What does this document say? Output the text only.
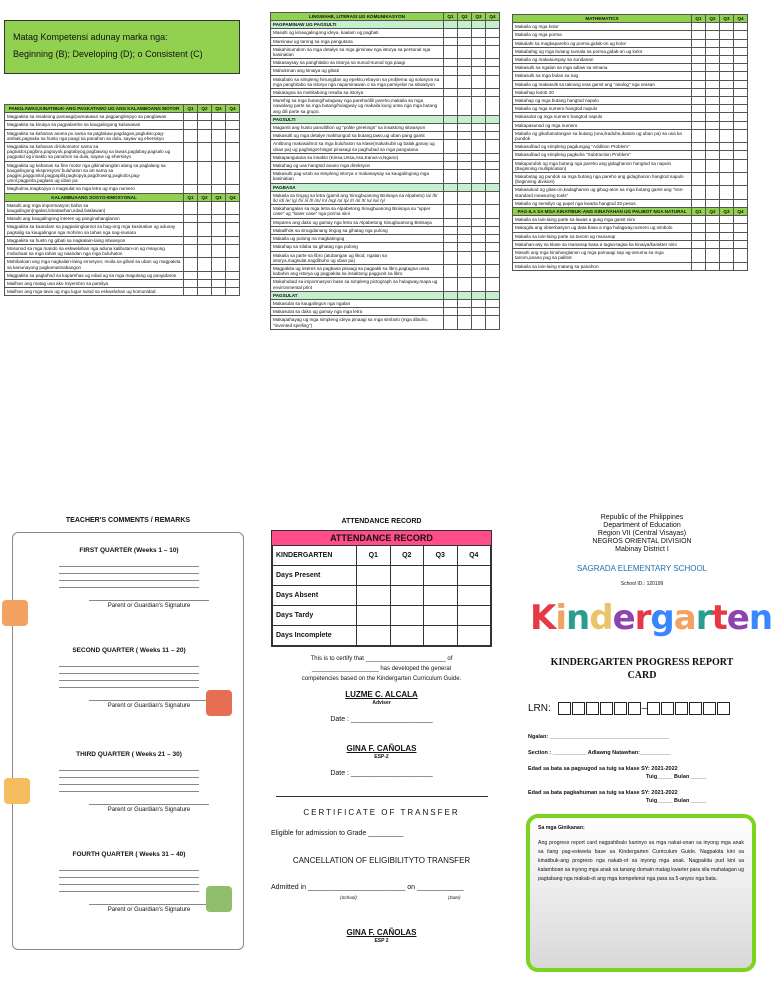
Matag Kompetensi adunay marka nga:
Beginning (B); Developing (D); o Consistent (C)
PANGLAWAS,KINATIBUK-ANG PAGKATAWO UG ANG KALAMBOANG MOTOR	Q1	Q2	Q3	Q4
Magpakita sa insaktong pamaagi/pamatasan sa pagpanglimpyo sa panglawas				
Magpakita sa kinaiya sa pagpalambo sa kaugalingong kaluwasan				
Magpakita sa kahanas anana pu sama sa paglakaw,pagdagan,paglukso,pag-ambak,pagsaka sa husto nga paagi sa panahon sa dula, sayaw ug ehersisyo				
Magpakita sa kahanas di-lokomotor sama sa pagtuldot,pagbira,pagtuyok,pagtabyog,pagbawog sa lawas,paglabay,pagsalo ug pagpatid og insakto sa panahon sa dula, sayaw ug ehersisyo				
Magpakita ug kahanas sa fine motor nga gikinahanglan alang sa paglalang sa kaugalingong ekspresyon/ buluhaton sa art sama sa paggisi,paggunitol,pagpapilit,pagkopya,pagdrowing,pagkolor,pag-umol,pagpinta,paglaso ug uban pa				
Maghulma,magkopya o magsulat sa mga letra ug mga numero				
KALAMBUAANG SOSYO-EMOSYONAL	Q1	Q2	Q3	Q4
Masulti ang mga impormasyon bahin sa kaugalingon(ngalan,kinatawhan,edad,baklawan)				
Masulti ang kaugalingong interes ug panginahanglanon				
Magpakita sa kaandam sa pagpaningkamot sa bag-ong mga kasinatian ug adunay pagsalig sa kaugalingon nga mohimo sa tahas nga nag-inusara				
Magpakita sa husto ng gibati sa nagkalain-laing sitwasyon				
Mosunod sa mga mando sa eskwelahan nga aduna kalibutan-on ug msayong mubuhaat sa mga tahas ug naandan nga mga buluhaton				
Mahibaloan ang mga nagkalain-laing emosyon, moila sa gibati sa uban ug magpakita sa kanunayong pagkamatinabangon				
Magpakita sa pagtahod sa kaparehas ug edad ug sa mga magulang ug pangidaron				
Mailhan ang matag usa ako miyembro sa pamilya				
Mailhan ang mga tawo ug mga lugar sulod sa eskwelahan ug komunidad.				
LINGWAHE, LITERASI UG KOMUNIKASYON	Q1	Q2	Q3	Q4
PAGPAMINAW UG PAGSULTI				
Masulti og kinaugalingong ideya, kaalam ug pagbati				
Maminaw ug tarong sa mga pangutana				
Makahinumdom sa mga detalye sa mga giminaw nga istorya sa personal nga kasinatian				
Makasaysay sa panghitabo sa istorya sa sunod-sunod nga paagi				
Mahukman ang kinaiya ug gibati				
Makabalo sa simpleng hinungdan ug epekto,rebayon sa problema ug solusyon sa mga panghitabo sa istorya nga napaminawan o sa mga pamiyelar na sitwasyon				
Makatagna sa mahitabong resulta sa istorya				
Mamihig sa mga butang/hulagway nga pareho/dili pareho,makaila sa mga nawalang parte sa mga butang/hulagway ug makaila kung unsa nga mga butang ang dili parte sa grupo.				
PAGSULTI				
Magamit ang husto panulithon ug "polite greetings" sa insaktong sitwasyon				
Makasulti ug mga detalye mahitungod sa butang,tawo,ug uban pang gamit				
Antibong makasalmot sa mga buluhaton sa klase(makahubit ug balak,ganay ug uban pa) ug paghisgot-hisgot pinasagi sa paghubad sa mga pangutana				
Makapangutana sa insakto (Kinsa,Unsa,Asa,Kanus-a,Ngano)				
Makahag og uas hangtod anano mga direksyon				
Makasulti pag-usob sa simpleng istorya o makasaysay sa kaugalingong mga kasinatian				
PAGBASA				
Makaila sa tingog sa letra (gamit ang Sinugbuanong Binisaya na Alpabeto) /a/ /b/ /k/ /d/ /e/ /g/ /h/ /i/ /l/ /m/ /n/ /ng/ /o/ /p/ /r/ /s/ /t/ /u/ /w/ /y/				
Makahangalan sa mga letra sa Alpabetong Sinugbuanong Binisaya sa "upper case" ug "lower case" nga porma niini				
Mopareo ang dako ug gamay nga letra sa Alpabetong Sinugbuanong Binisaya				
Makailhok sa sinugdanang tingog sa gihatag nga pulong				
Makaila ug pulong na magkatingog				
Makahap sa silaba sa gihatag nga pulong				
Makaila sa parte sa libro (atubangan ug likod, ngalan sa istorya,magsulat,nagdibuho ug uban pa)				
Magpakita ug interes sa pagbasa pinaagi sa pagpakli sa libro,pagtagna unsa kabahin ang istorya ug pagpakita sa insaktong paggunit sa libro				
Makahubad sa impormasyon base sa simpleng pictograph sa hulagway,mapa ug environmental print				
PAGSULAT				
Makasulat sa kaugalingon nga ngalan				
Makasulat sa dako ug gamay nga mga letra				
Makapahayag ug mga simpleng ideya pinaagi sa mga simbolo (mga dibuho, "invented spelling")				
MATHEMATICS	Q1	Q2	Q3	Q4
Makaila og mga kolor				
Makaila og mga porma				
Makalahi sa magkapareho og porma,gidak-on ug kolor				
Makabahig og mga butang sumala sa porma,gidak-on ug kolor				
Makaila og makasumpay sa sundanan				
Makasulti sa ngalan sa mga adlaw sa simana				
Makasulti sa mga bulan sa tuig				
Makaila ug makasulti sa takrang oras gamit ang "analog" nga orasan				
Makaihap kutob 20				
Makahap og mga butang hangtod napulo				
Makaila og mga numero hangtod napulo				
Makasulat og mga numero hangtod napulo				
Makapasunod og mga numero				
Makaila og gikahanutangan sa butang (una,ikaduha,ikatulo ug uban pa) sa usa ka pundok				
Makasulbad og simpleng pagdungag "Addition Problem"				
Makasulbad og simpleng pagkuha "Subtraction Problem"				
Makapundok og mga butang nga pareho ang gidaghanon hangtod sa napulo (Beginning multiplication)				
Makabulag og pundok sa mga butang nga pareho ang gidaghanon hangtod napulo (beginning division)				
Makasukod og gitas-on,kadaghanon ug gibug-aton sa mga butang gamit ang "non-standard measuring tools"				
Makaila og sensilyo ug papel nga kwarta hangtod 20 pesos.				
PAG-ILA SA MGA KINATIBUK-ANG KINAIYAHAN UG PALIBOT NGA NATURAL	Q1	Q2	Q3	Q4
Makaila sa lain-laing parte sa lawas u gung mga gamit niini				
Makagila ang obserbasyon ug data basa a mga hulagway,numero ug simbolo				
Makaila sa lain-laing parte sa tanom ug mananap				
Makahan-asy sa klase sa mananap basa a tagsa-tagsa ka kinaiya/karakter niini				
Masulti ang mga kinahanglanon ug mga pamaagi sap ag-amuma sa mga tanom,anana pug sa palibot				
Makaila sa lain-laing matang sa panahon				
TEACHER'S COMMENTS / REMARKS
FIRST QUARTER (Weeks 1 – 10)
Parent or Guardian's Signature
SECOND QUARTER ( Weeks 11 – 20)
Parent or Guardian's Signature
THIRD QUARTER ( Weeks 21 – 30)
Parent or Guardian's Signature
FOURTH QUARTER ( Weeks 31 – 40)
Parent or Guardian's Signature
ATTENDANCE RECORD
ATTENDANCE RECORD
KINDERGARTEN	Q1	Q2	Q3	Q4
Days Present				
Days Absent				
Days Tardy				
Days Incomplete				
This is to certify that ________________________ of
____________________ has developed the general
competencies based on the Kindergarten Curriculum Guide.
LUZME C. ALCALA
Adviser
Date : _____________________
GINA F. CAÑOLAS
ESP-2
Date : _____________________
CERTIFICATE OF TRANSFER
Eligible for admission to Grade _________
CANCELLATION OF ELIGIBILITYTO TRANSFER
Admitted in _________________________ on ____________
(School)	(Date)
GINA F. CAÑOLAS
ESP 2
Republic of the Philippines
Department of Education
Region VII (Central Visayas)
NEGROS ORIENTAL DIVISION
Mabinay District I
SAGRADA ELEMENTARY SCHOOL
School ID.: 120199
Kindergarten
KINDERGARTEN PROGRESS REPORT
CARD
LRN:	–
Ngalan: _______________________________________
Section : ___________ Adlawng Natawhan:__________
Edad sa bata sa pagsugod sa tuig sa klase SY: 2021-2022
Tuig_____ Bulan _____
Edad sa bata pagkahuman sa tuig sa klase SY: 2021-2022
Tuig_____ Bulan _____
Sa mga Ginikanan:
Ang progress report card nagpahibalo kaninyo sa mga nakat-unan sa inyong mga anak sa ilang pag-eskwela base sa Kindergarten Curriculum Guide. Nagpakita kini sa kinatibuk-ang progreso nga nakab-ot sa inyong mga anak. Nagpakita pud kini sa kalamboan sa inyong mga anak sa tanang domain matag kwarter para sila mahatagan ug pagtabang nga makab-ot ang mga kompetensi nga para sa 5-anyos nga bata.
